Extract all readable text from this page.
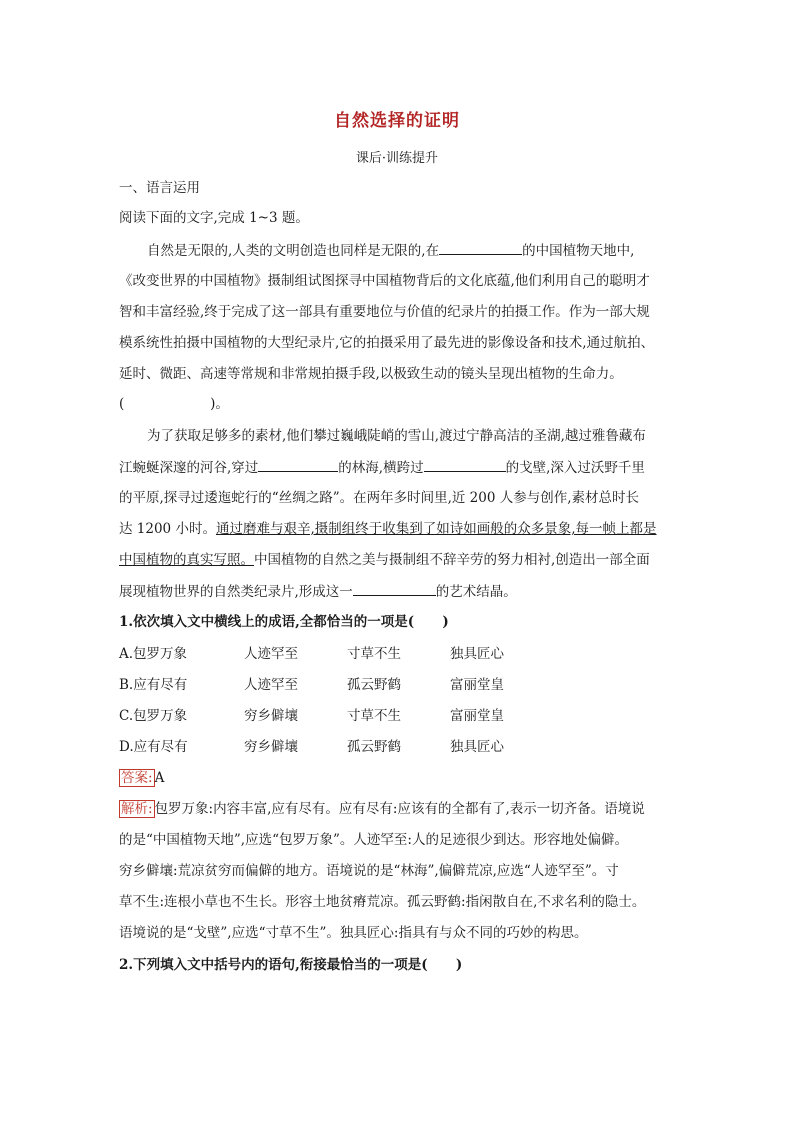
自然选择的证明
课后·训练提升
一、语言运用
阅读下面的文字,完成 1~3 题。
自然是无限的,人类的文明创造也同样是无限的,在	的中国植物天地中,
《改变世界的中国植物》摄制组试图探寻中国植物背后的文化底蕴,他们利用自己的聪明才
智和丰富经验,终于完成了这一部具有重要地位与价值的纪录片的拍摄工作。作为一部大规
模系统性拍摄中国植物的大型纪录片,它的拍摄采用了最先进的影像设备和技术,通过航拍、
延时、微距、高速等常规和非常规拍摄手段,以极致生动的镜头呈现出植物的生命力。
(                    )。
为了获取足够多的素材,他们攀过巍峨陡峭的雪山,渡过宁静高洁的圣湖,越过雅鲁藏布
江蜿蜒深邃的河谷,穿过	的林海,横跨过	的戈壁,深入过沃野千里
的平原,探寻过逶迤蛇行的“丝绸之路”。在两年多时间里,近 200 人参与创作,素材总时长
达 1200 小时。通过磨难与艰辛,摄制组终于收集到了如诗如画般的众多景象,每一帧上都是
中国植物的真实写照。中国植物的自然之美与摄制组不辞辛劳的努力相衬,创造出一部全面
展现植物世界的自然类纪录片,形成这一	的艺术结晶。
1.依次填入文中横线上的成语,全都恰当的一项是(      )
A.包罗万象	人迹罕至	寸草不生	独具匠心
B.应有尽有	人迹罕至	孤云野鹤	富丽堂皇
C.包罗万象	穷乡僻壤	寸草不生	富丽堂皇
D.应有尽有	穷乡僻壤	孤云野鹤	独具匠心
答案: A
解析: 包罗万象:内容丰富,应有尽有。应有尽有:应该有的全都有了,表示一切齐备。语境说
的是“中国植物天地”,应选“包罗万象”。人迹罕至:人的足迹很少到达。形容地处偏僻。
穷乡僻壤:荒凉贫穷而偏僻的地方。语境说的是“林海”,偏僻荒凉,应选“人迹罕至”。寸
草不生:连根小草也不生长。形容土地贫瘠荒凉。孤云野鹤:指闲散自在,不求名利的隐士。
语境说的是“戈壁”,应选“寸草不生”。独具匠心:指具有与众不同的巧妙的构思。
2.下列填入文中括号内的语句,衔接最恰当的一项是(      )
